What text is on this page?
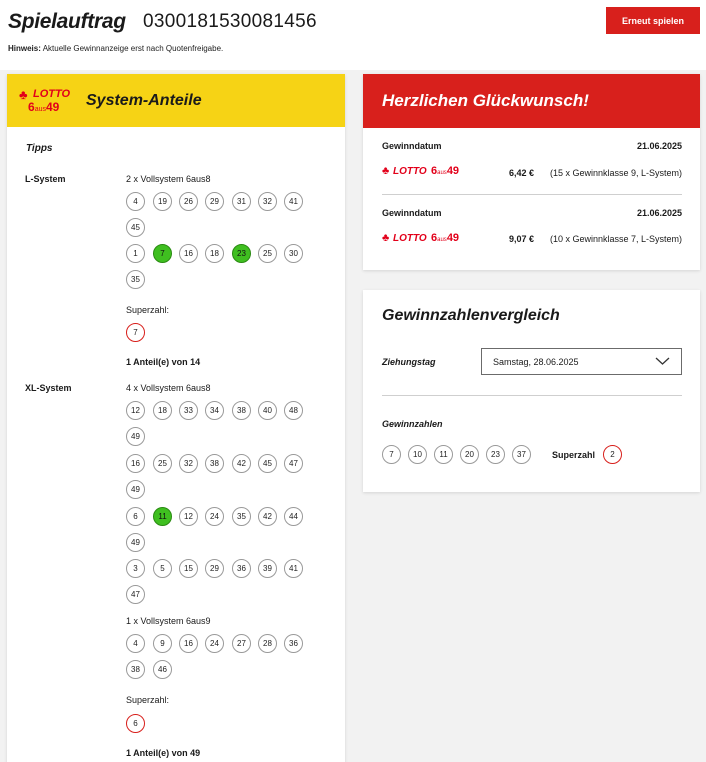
Spielauftrag 0300181530081456
Hinweis: Aktuelle Gewinnanzeige erst nach Quotenfreigabe.
Erneut spielen
♣ LOTTO
6aus49 System-Anteile
Tipps
L-System	2 x Vollsystem 6aus8
4	19	26	29	31	32	41
45
1	7	16	18	23	25	30
35
Superzahl:
7
1 Anteil(e) von 14
XL-System	4 x Vollsystem 6aus8
12	18	33	34	38	40	48
49
16	25	32	38	42	45	47
49
6	11	12	24	35	42	44
49
3	5	15	29	36	39	41
47
4	9	16	24	27	28	36
38	46
1 x Vollsystem 6aus9
Superzahl:
6
1 Anteil(e) von 49
Herzlichen Glückwunsch!
Gewinndatum	21.06.2025
♣ LOTTO 6aus49	6,42 € (15 x Gewinnklasse 9, L-System)
Gewinndatum	21.06.2025
♣ LOTTO 6aus49	9,07 € (10 x Gewinnklasse 7, L-System)
Gewinnzahlenvergleich
Ziehungstag	Samstag, 28.06.2025
Gewinnzahlen
7	10	11	20	23	37	Superzahl	2
